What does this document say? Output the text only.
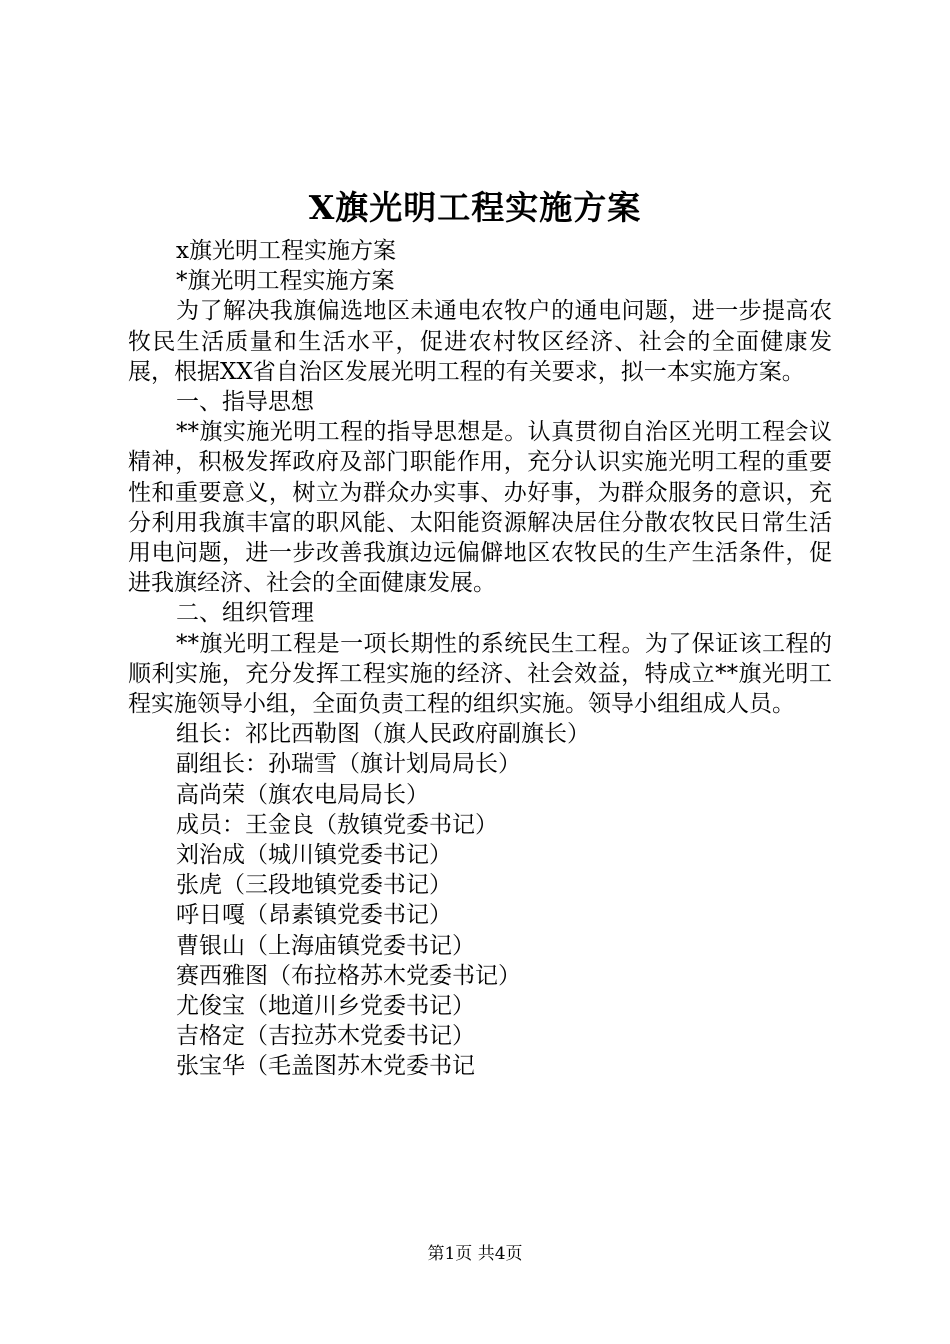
X旗光明工程实施方案

x旗光明工程实施方案

*旗光明工程实施方案

为了解决我旗偏选地区未通电农牧户的通电问题，进一步提高农牧民生活质量和生活水平，促进农村牧区经济、社会的全面健康发展，根据XX省自治区发展光明工程的有关要求，拟一本实施方案。

一、指导思想

**旗实施光明工程的指导思想是。认真贯彻自治区光明工程会议精神，积极发挥政府及部门职能作用，充分认识实施光明工程的重要性和重要意义，树立为群众办实事、办好事，为群众服务的意识，充分利用我旗丰富的职风能、太阳能资源解决居住分散农牧民日常生活用电问题，进一步改善我旗边远偏僻地区农牧民的生产生活条件，促进我旗经济、社会的全面健康发展。

二、组织管理

**旗光明工程是一项长期性的系统民生工程。为了保证该工程的顺利实施，充分发挥工程实施的经济、社会效益，特成立**旗光明工程实施领导小组，全面负责工程的组织实施。领导小组组成人员。

组长：祁比西勒图（旗人民政府副旗长）

副组长：孙瑞雪（旗计划局局长）

高尚荣（旗农电局局长）

成员：王金良（敖镇党委书记）

刘治成（城川镇党委书记）

张虎（三段地镇党委书记）

呼日嘎（昂素镇党委书记）

曹银山（上海庙镇党委书记）

赛西雅图（布拉格苏木党委书记）

尤俊宝（地道川乡党委书记）

吉格定（吉拉苏木党委书记）

张宝华（毛盖图苏木党委书记

第1页 共4页
